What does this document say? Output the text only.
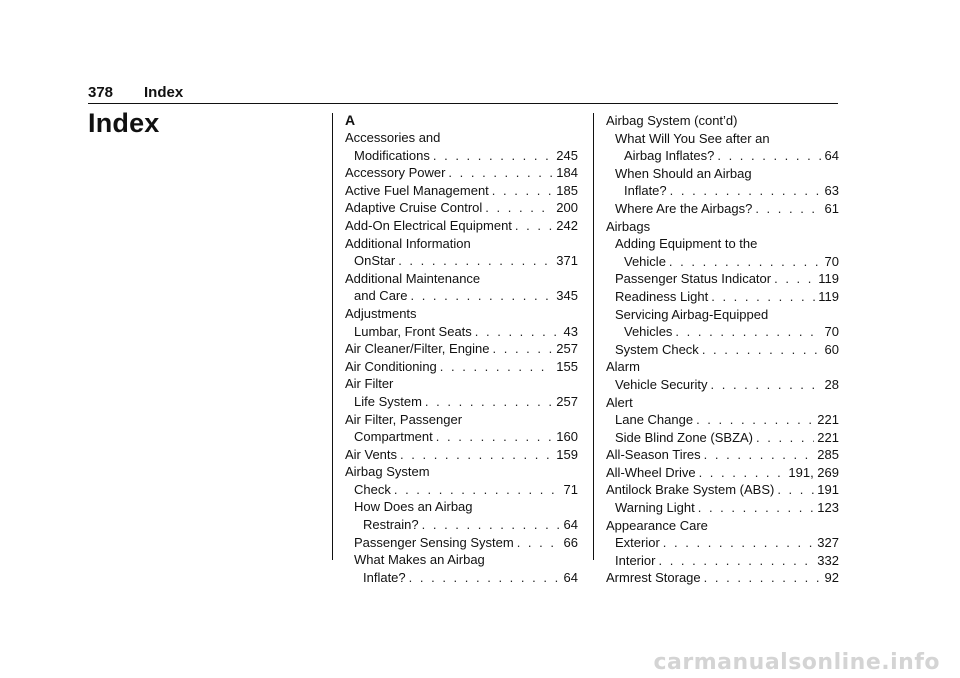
378 Index
Index	A
Accessories and
Modifications . . .	245
Accessory Power . . .	184
Active Fuel Management . . .	185
Adaptive Cruise Control . . .	200
Add-On Electrical Equipment . . .	242
Additional Information
OnStar . . .	371
Additional Maintenance
and Care . . .	345
Adjustments
Lumbar, Front Seats . . .	43
Air Cleaner/Filter, Engine . . .	257
Air Conditioning . . .	155
Air Filter
Life System . . .	257
Air Filter, Passenger
Compartment . . .	160
Air Vents . . .	159
Airbag System
Check . . .	71
How Does an Airbag
Restrain? . . .	64
Passenger Sensing System . . .	66
What Makes an Airbag
Inflate? . . .	64
Airbag System (cont’d)
What Will You See after an
Airbag Inflates? . . .	64
When Should an Airbag
Inflate? . . .	63
Where Are the Airbags? . . .	61
Airbags
Adding Equipment to the
Vehicle . . .	70
Passenger Status Indicator . . .	119
Readiness Light . . .	119
Servicing Airbag-Equipped
Vehicles . . .	70
System Check . . .	60
Alarm
Vehicle Security . . .	28
Alert
Lane Change . . .	221
Side Blind Zone (SBZA) . . .	221
All-Season Tires . . .	285
All-Wheel Drive . . .	191, 269
Antilock Brake System (ABS) . . .	191
Warning Light . . .	123
Appearance Care
Exterior . . .	327
Interior . . .	332
Armrest Storage . . .	92
carmanualsonline.info
